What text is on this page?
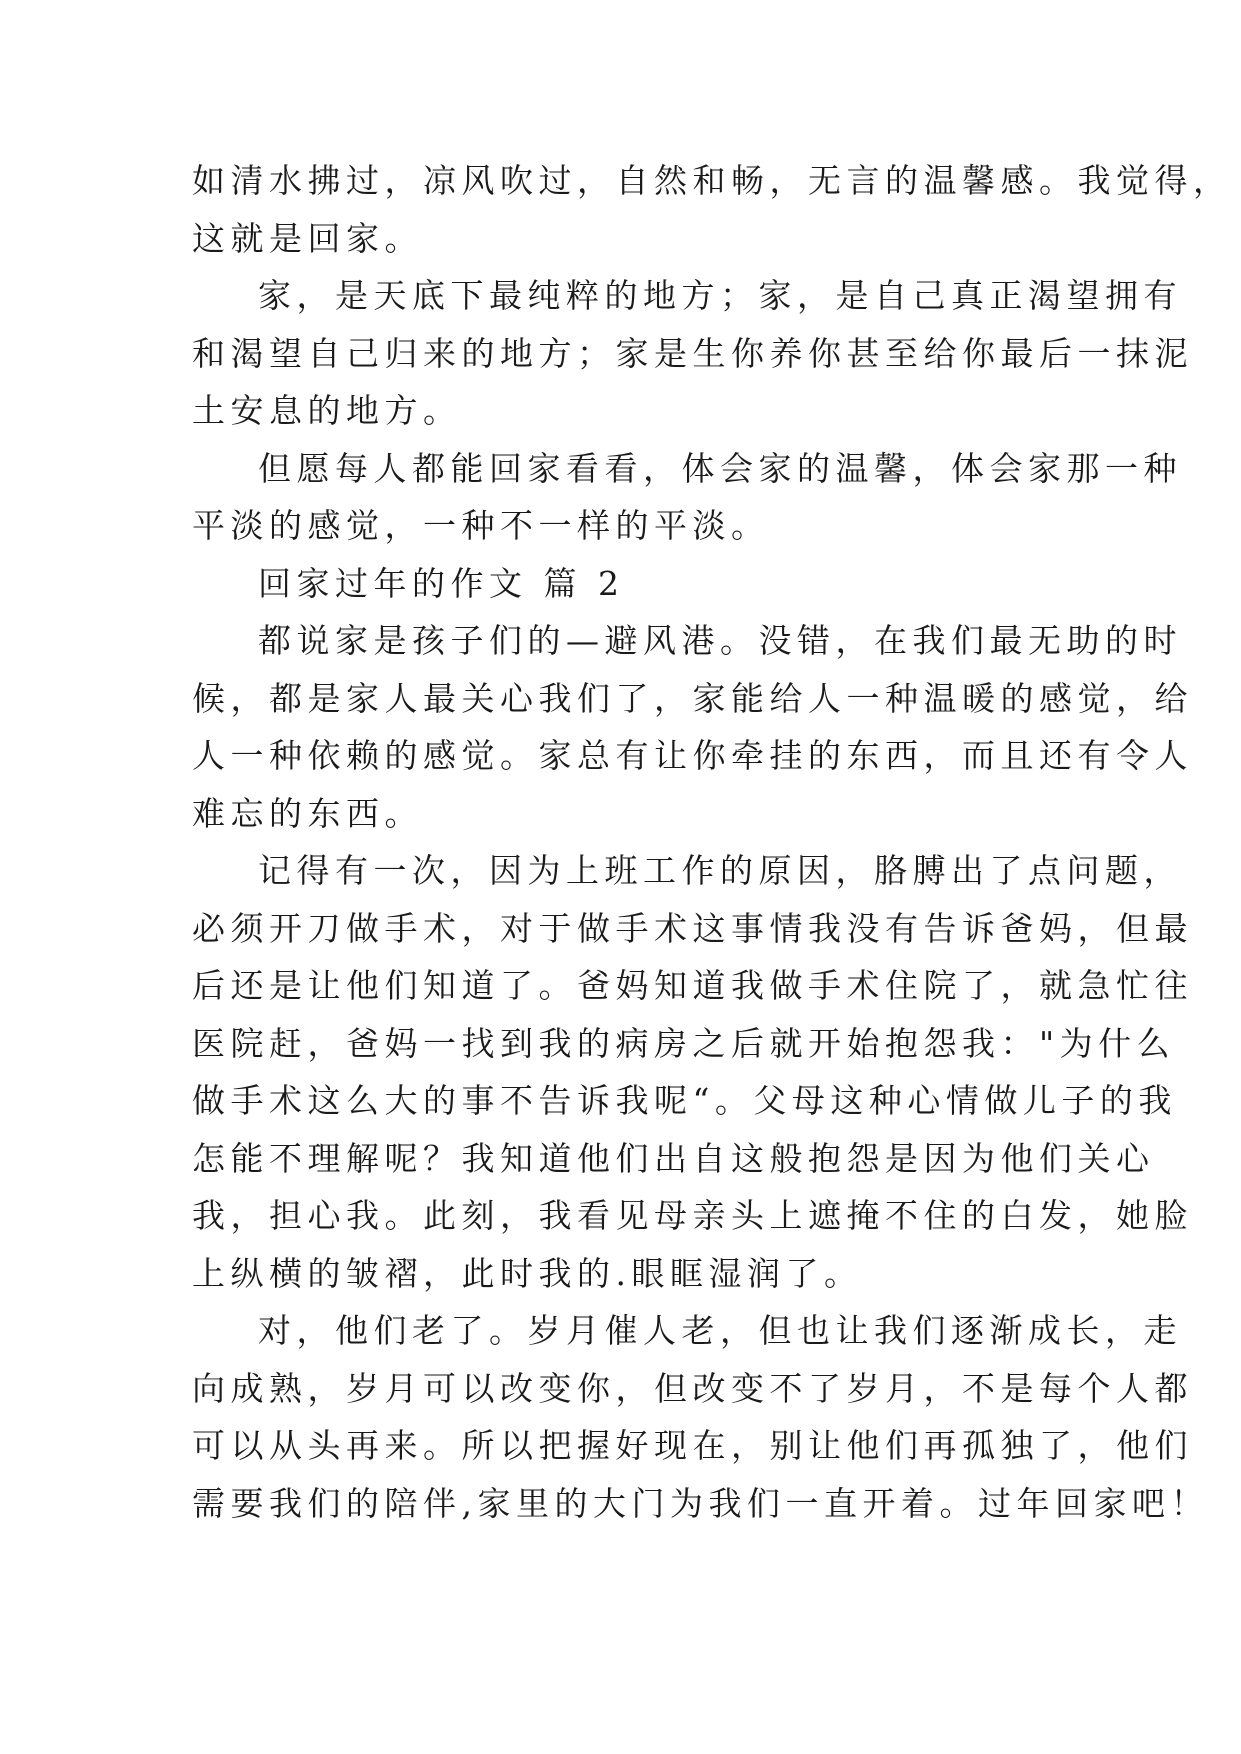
如清水拂过，凉风吹过，自然和畅，无言的温馨感。我觉得，
这就是回家。
家，是天底下最纯粹的地方；家，是自己真正渴望拥有
和渴望自己归来的地方；家是生你养你甚至给你最后一抹泥
土安息的地方。
但愿每人都能回家看看，体会家的温馨，体会家那一种
平淡的感觉，一种不一样的平淡。
回家过年的作文 篇 2
都说家是孩子们的—避风港。没错，在我们最无助的时
候，都是家人最关心我们了，家能给人一种温暖的感觉，给
人一种依赖的感觉。家总有让你牵挂的东西，而且还有令人
难忘的东西。
记得有一次，因为上班工作的原因，胳膊出了点问题，
必须开刀做手术，对于做手术这事情我没有告诉爸妈，但最
后还是让他们知道了。爸妈知道我做手术住院了，就急忙往
医院赶，爸妈一找到我的病房之后就开始抱怨我："为什么
做手术这么大的事不告诉我呢“。父母这种心情做儿子的我
怎能不理解呢？我知道他们出自这般抱怨是因为他们关心
我，担心我。此刻，我看见母亲头上遮掩不住的白发，她脸
上纵横的皱褶，此时我的.眼眶湿润了。
对，他们老了。岁月催人老，但也让我们逐渐成长，走
向成熟，岁月可以改变你，但改变不了岁月，不是每个人都
可以从头再来。所以把握好现在，别让他们再孤独了，他们
需要我们的陪伴,家里的大门为我们一直开着。过年回家吧！
